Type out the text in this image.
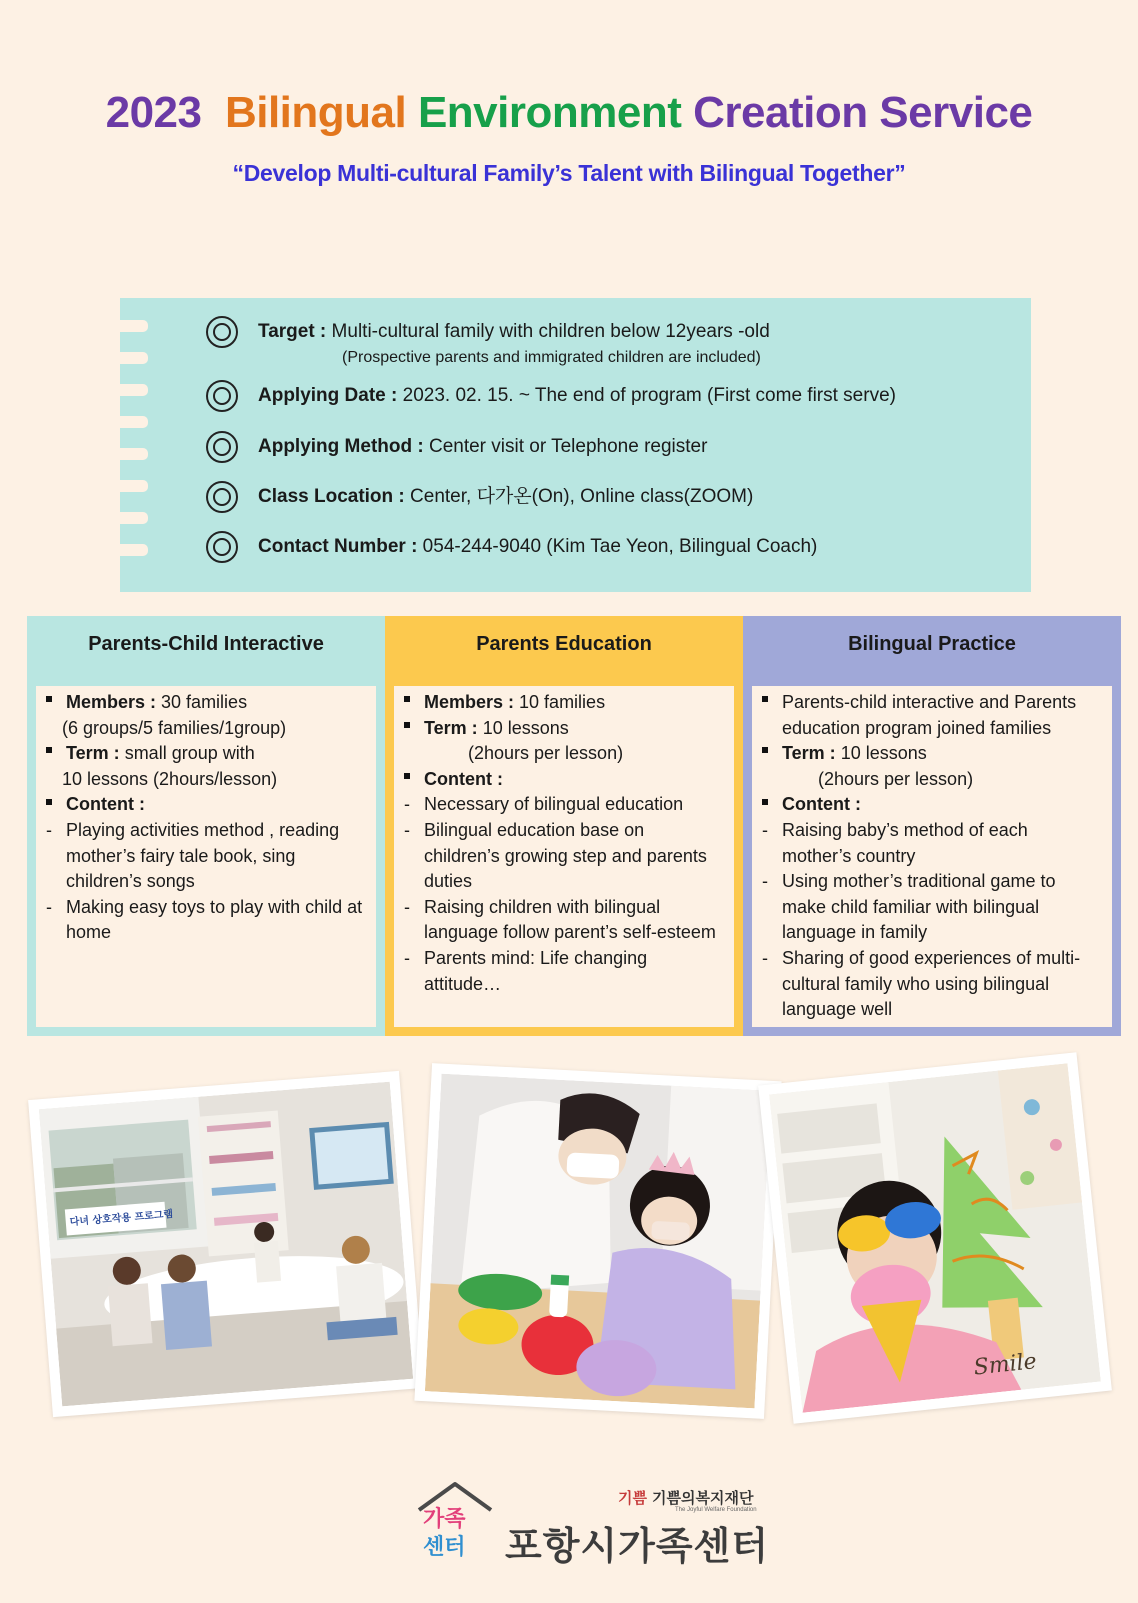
2023 Bilingual Environment Creation Service
“Develop Multi-cultural Family’s Talent with Bilingual Together”
Target : Multi-cultural family with children below 12years -old
(Prospective parents and immigrated children are included)
Applying Date : 2023. 02. 15. ~ The end of program (First come first serve)
Applying Method : Center visit or Telephone register
Class Location : Center, 다가온(On), Online class(ZOOM)
Contact Number : 054-244-9040 (Kim Tae Yeon, Bilingual Coach)
Parents-Child Interactive
Members : 30 families
(6 groups/5 families/1group)
Term : small group with
10 lessons (2hours/lesson)
Content :
- Playing activities method , reading mother’s fairy tale book, sing children’s songs
- Making easy toys to play with child at home
Parents Education
Members : 10 families
Term : 10 lessons
(2hours per lesson)
Content :
- Necessary of bilingual education
- Bilingual education base on children’s growing step and parents duties
- Raising children with bilingual language follow parent’s self-esteem
- Parents mind: Life changing attitude…
Bilingual Practice
Parents-child interactive and Parents education program joined families
Term : 10 lessons
(2hours per lesson)
Content :
- Raising baby’s method of each mother’s country
- Using mother’s traditional game to make child familiar with bilingual language in family
- Sharing of good experiences of multi-cultural family who using bilingual language well
다녀 상호작용 프로그램
Smile
가족
센터 포항시가족센터
기쁨 기쁨의복지재단
The Joyful Welfare Foundation
